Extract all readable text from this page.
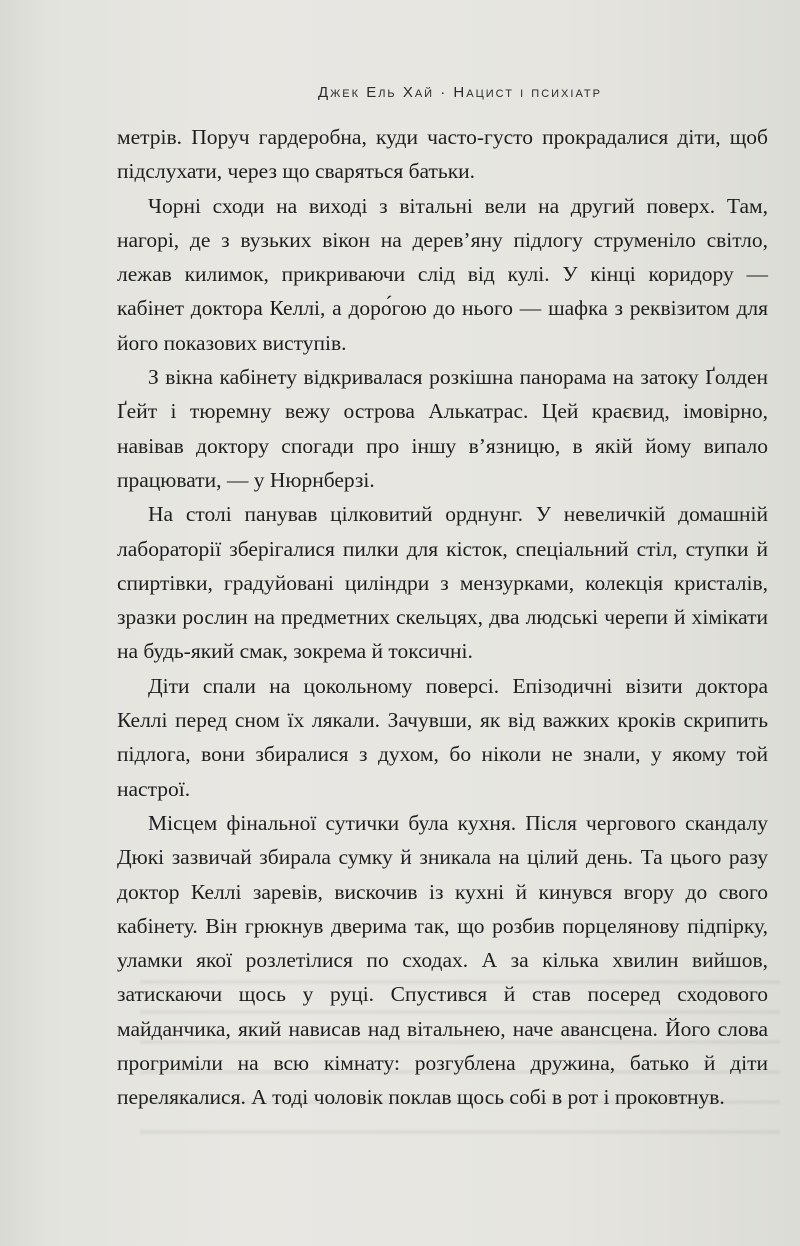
Джек Ель Хай · Нацист і психіатр

метрів. Поруч гардеробна, куди часто-густо прокрадалися діти, щоб підслухати, через що сваряться батьки.

Чорні сходи на виході з вітальні вели на другий поверх. Там, нагорі, де з вузьких вікон на дерев’яну підлогу струменіло світло, лежав килимок, прикриваючи слід від кулі. У кінці коридору — кабінет доктора Келлі, а доро́гою до нього — шафка з реквізитом для його показових виступів.

З вікна кабінету відкривалася розкішна панорама на затоку Ґолден Ґейт і тюремну вежу острова Алькатрас. Цей краєвид, імовірно, навівав доктору спогади про іншу в’язницю, в якій йому випало працювати, — у Нюрнберзі.

На столі панував цілковитий орднунг. У невеличкій домашній лабораторії зберігалися пилки для кісток, спеціальний стіл, ступки й спиртівки, градуйовані циліндри з мензурками, колекція кристалів, зразки рослин на предметних скельцях, два людські черепи й хімікати на будь-який смак, зокрема й токсичні.

Діти спали на цокольному поверсі. Епізодичні візити доктора Келлі перед сном їх лякали. Зачувши, як від важких кроків скрипить підлога, вони збиралися з духом, бо ніколи не знали, у якому той настрої.

Місцем фінальної сутички була кухня. Після чергового скандалу Дюкі зазвичай збирала сумку й зникала на цілий день. Та цього разу доктор Келлі заревів, вискочив із кухні й кинувся вгору до свого кабінету. Він грюкнув дверима так, що розбив порцелянову підпірку, уламки якої розлетілися по сходах. А за кілька хвилин вийшов, затискаючи щось у руці. Спустився й став посеред сходового майданчика, який нависав над вітальнею, наче авансцена. Його слова прогриміли на всю кімнату: розгублена дружина, батько й діти перелякалися. А тоді чоловік поклав щось собі в рот і проковтнув.
